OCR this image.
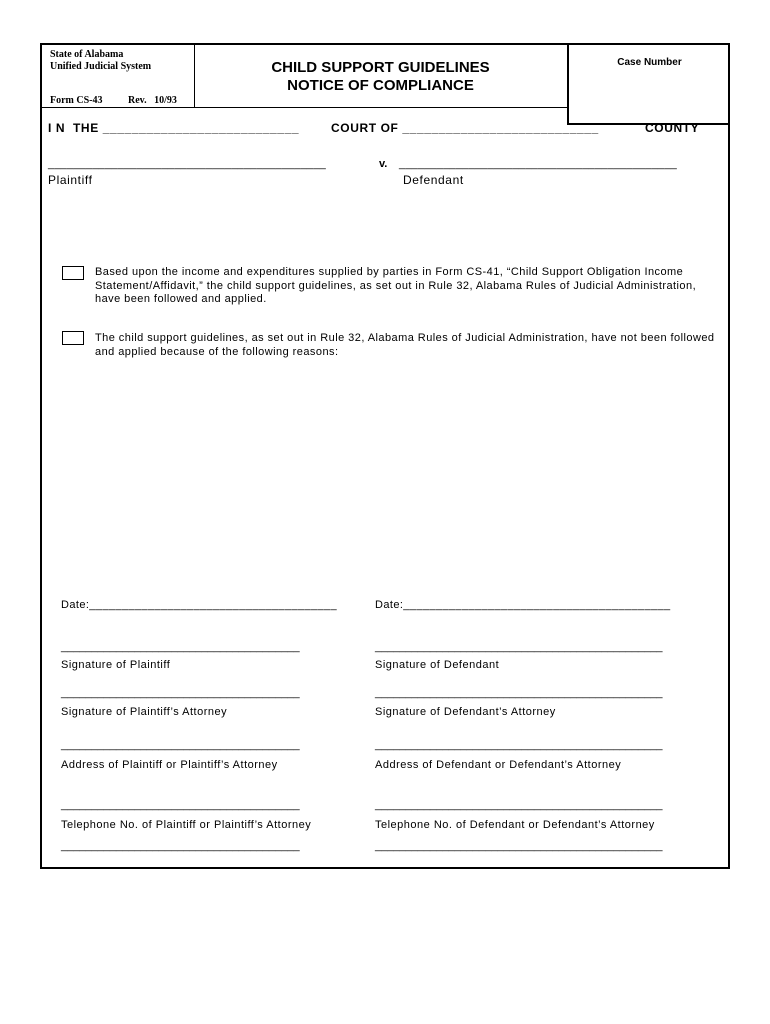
State of Alabama
Unified Judicial System
Form CS-43	Rev.   10/93
CHILD SUPPORT GUIDELINES
NOTICE OF COMPLIANCE
Case Number
I N  THE ___________________________	COURT OF ___________________________	COUNTY
____________________________________________	v. ____________________________________________
Plaintiff	Defendant
Based upon the income and expenditures supplied by parties in Form CS-41, “Child Support Obligation Income Statement/Affidavit,” the child support guidelines, as set out in Rule 32, Alabama Rules of Judicial Administration, have been followed and applied.
The child support guidelines, as set out in Rule 32, Alabama Rules of Judicial Administration, have not been followed and applied because of the following reasons:
Date:______________________________________	Date:_________________________________________
_______________________________________	_______________________________________________
Signature of Plaintiff	Signature of Defendant
_______________________________________	_______________________________________________
Signature of Plaintiff’s Attorney	Signature of Defendant’s Attorney
_______________________________________	_______________________________________________
Address of Plaintiff or Plaintiff’s Attorney	Address of Defendant or Defendant’s Attorney
_______________________________________	_______________________________________________
Telephone No. of Plaintiff or Plaintiff’s Attorney	Telephone No. of Defendant or Defendant’s Attorney
_______________________________________	_______________________________________________
